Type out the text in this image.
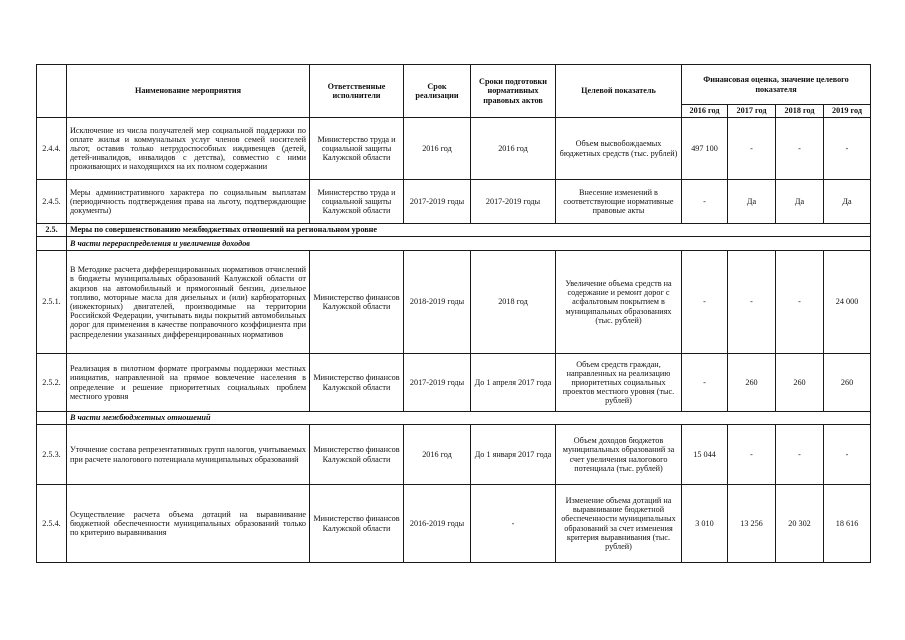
	Наименование мероприятия	Ответственные исполнители	Срок реализации	Сроки подготовки нормативных правовых актов	Целевой показатель	Финансовая оценка, значение целевого показателя			
						2016 год	2017 год	2018 год	2019 год
2.4.4.	Исключение из числа получателей мер социальной поддержки по оплате жилья и коммунальных услуг членов семей носителей льгот, оставив только нетрудоспособных иждивенцев (детей, детей-инвалидов, инвалидов с детства), совместно с ними проживающих и находящихся на их полном содержании	Министерство труда и социальной защиты Калужской области	2016 год	2016 год	Объем высвобождаемых бюджетных средств (тыс. рублей)	497 100	-	-	-
2.4.5.	Меры административного характера по социальным выплатам (периодичность подтверждения права на льготу, подтверждающие документы)	Министерство труда и социальной защиты Калужской области	2017-2019 годы	2017-2019 годы	Внесение изменений в соответствующие нормативные правовые акты	-	Да	Да	Да
2.5.	Меры по совершенствованию межбюджетных отношений на региональном уровне								
	В части перераспределения и увеличения доходов								
2.5.1.	В Методике расчета дифференцированных нормативов отчислений в бюджеты муниципальных образований Калужской области от акцизов на автомобильный и прямогонный бензин, дизельное топливо, моторные масла для дизельных и (или) карбюраторных (инжекторных) двигателей, производимые на территории Российской Федерации, учитывать виды покрытий автомобильных дорог для применения в качестве поправочного коэффициента при распределении указанных дифференцированных нормативов	Министерство финансов Калужской области	2018-2019 годы	2018 год	Увеличение объема средств на содержание и ремонт дорог с асфальтовым покрытием в муниципальных образованиях (тыс. рублей)	-	-	-	24 000
2.5.2.	Реализация в пилотном формате программы поддержки местных инициатив, направленной на прямое вовлечение населения в определение и решение приоритетных социальных проблем местного уровня	Министерство финансов Калужской области	2017-2019 годы	До 1 апреля 2017 года	Объем средств граждан, направленных на реализацию приоритетных социальных проектов местного уровня (тыс. рублей)	-	260	260	260
	В части межбюджетных отношений								
2.5.3.	Уточнение состава репрезентативных групп налогов, учитываемых при расчете налогового потенциала муниципальных образований	Министерство финансов Калужской области	2016 год	До 1 января 2017 года	Объем доходов бюджетов муниципальных образований за счет увеличения налогового потенциала (тыс. рублей)	15 044	-	-	-
2.5.4.	Осуществление расчета объема дотаций на выравнивание бюджетной обеспеченности муниципальных образований только по критерию выравнивания	Министерство финансов Калужской области	2016-2019 годы	-	Изменение объема дотаций на выравнивание бюджетной обеспеченности муниципальных образований за счет изменения критерия выравнивания (тыс. рублей)	3 010	13 256	20 302	18 616
